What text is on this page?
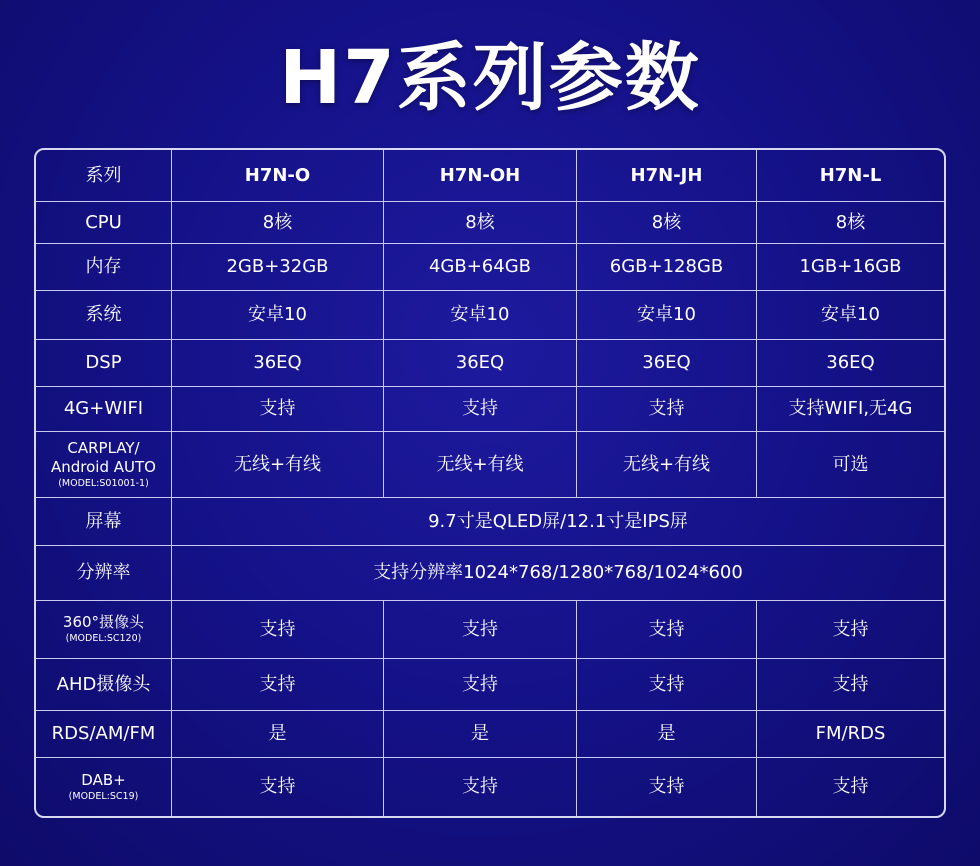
H7系列参数
系列	H7N-O	H7N-OH	H7N-JH	H7N-L
CPU	8核	8核	8核	8核
内存	2GB+32GB	4GB+64GB	6GB+128GB	1GB+16GB
系统	安卓10	安卓10	安卓10	安卓10
DSP	36EQ	36EQ	36EQ	36EQ
4G+WIFI	支持	支持	支持	支持WIFI,无4G

CARPLAY/
Android AUTO
(MODEL:S01001-1)	无线+有线	无线+有线	无线+有线	可选
屏幕	9.7寸是QLED屏/12.1寸是IPS屏			
分辨率	支持分辨率1024*768/1280*768/1024*600			

360°摄像头
(MODEL:SC120)	支持	支持	支持	支持
AHD摄像头	支持	支持	支持	支持
RDS/AM/FM	是	是	是	FM/RDS

DAB+
(MODEL:SC19)	支持	支持	支持	支持
